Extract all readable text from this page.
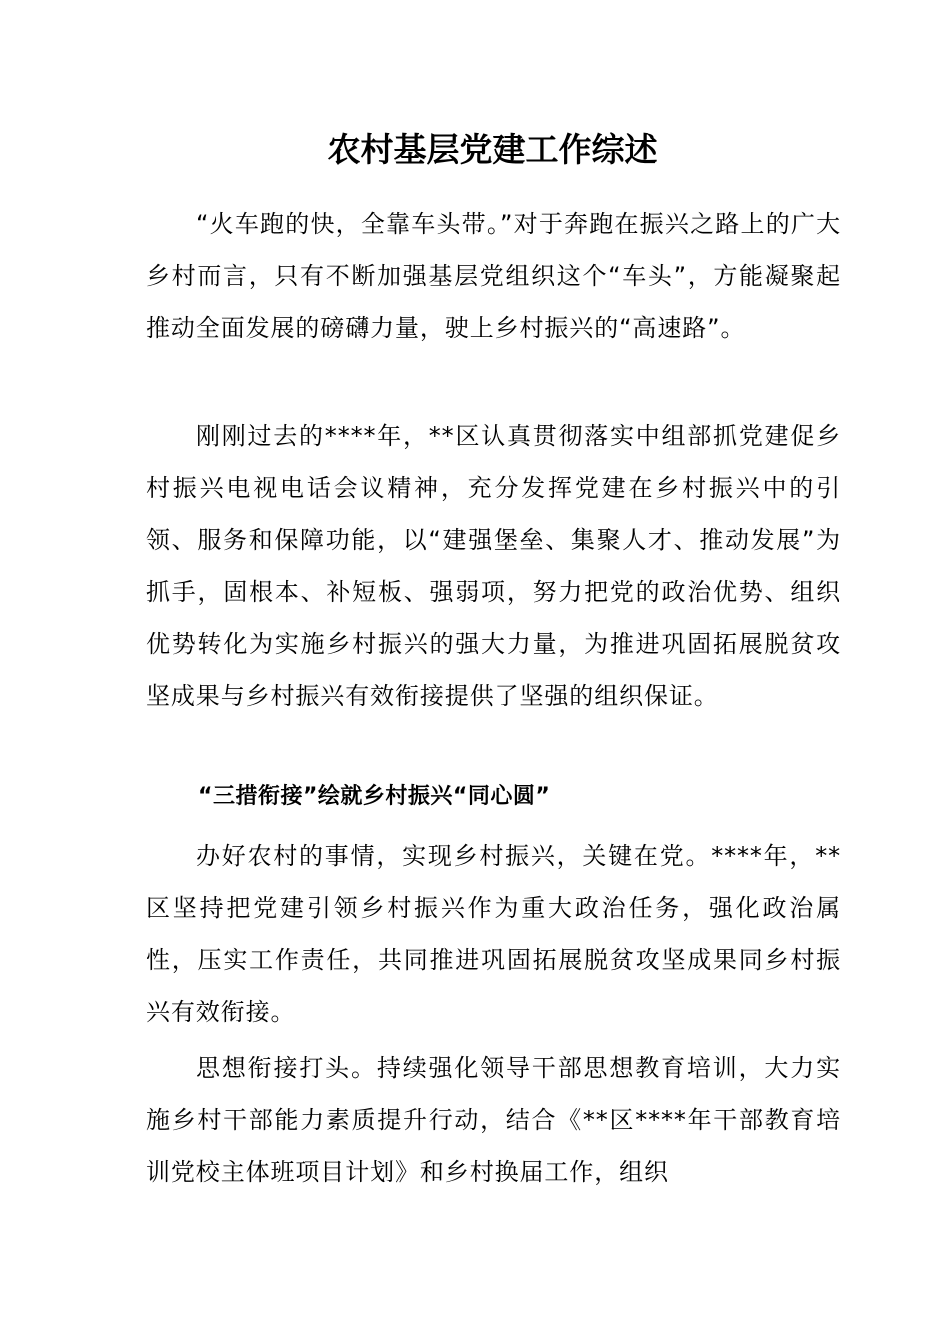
农村基层党建工作综述

“火车跑的快，全靠车头带。”对于奔跑在振兴之路上的广大乡村而言，只有不断加强基层党组织这个“车头”，方能凝聚起推动全面发展的磅礴力量，驶上乡村振兴的“高速路”。

刚刚过去的****年，**区认真贯彻落实中组部抓党建促乡村振兴电视电话会议精神，充分发挥党建在乡村振兴中的引领、服务和保障功能，以“建强堡垒、集聚人才、推动发展”为抓手，固根本、补短板、强弱项，努力把党的政治优势、组织优势转化为实施乡村振兴的强大力量，为推进巩固拓展脱贫攻坚成果与乡村振兴有效衔接提供了坚强的组织保证。

“三措衔接”绘就乡村振兴“同心圆”

办好农村的事情，实现乡村振兴，关键在党。****年，**区坚持把党建引领乡村振兴作为重大政治任务，强化政治属性，压实工作责任，共同推进巩固拓展脱贫攻坚成果同乡村振兴有效衔接。

思想衔接打头。持续强化领导干部思想教育培训，大力实施乡村干部能力素质提升行动，结合《**区****年干部教育培训党校主体班项目计划》和乡村换届工作，组织
